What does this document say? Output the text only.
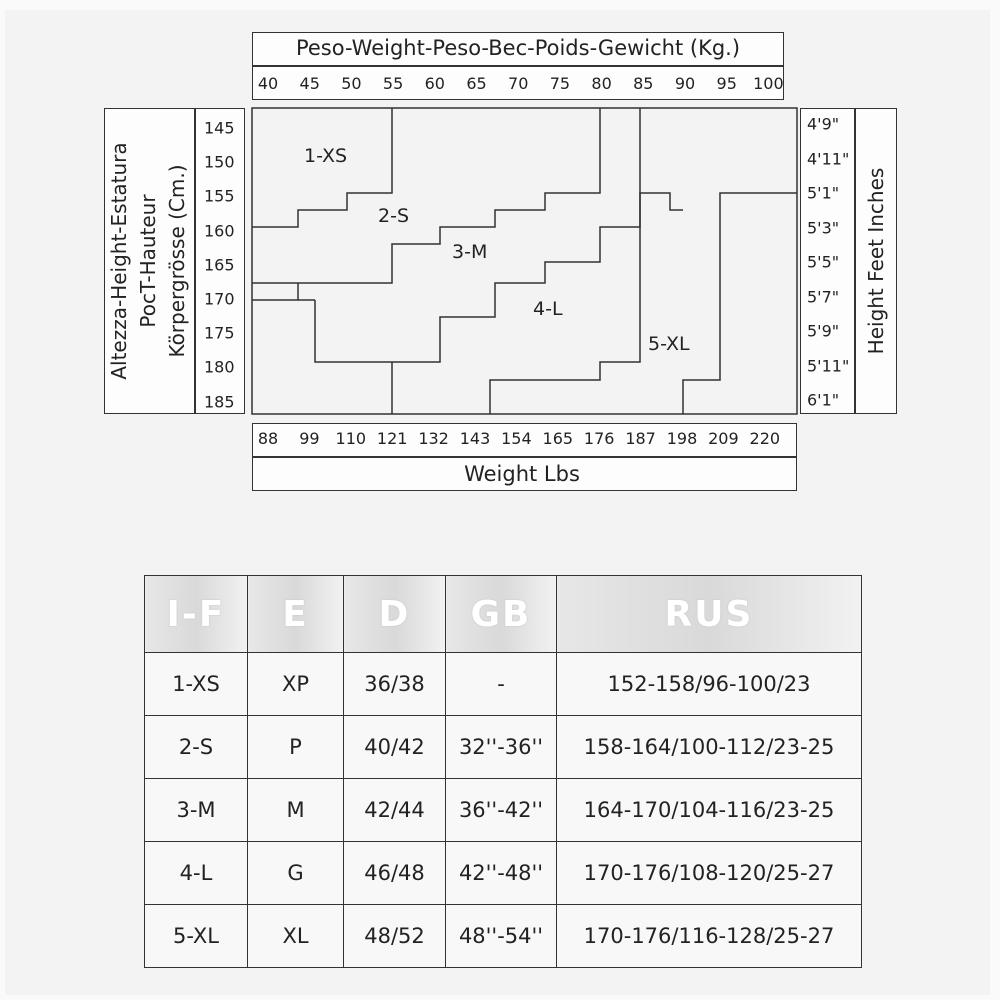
Peso-Weight-Peso-Bec-Poids-Gewicht (Kg.)
40 45 50 55 60 65 70 75 80 85 90 95 100
Altezza-Height-Estatura PocT-Hauteur Körpergrösse (Cm.)
145
150
155
160
165
170
175
180
185
4'9"
4'11"
5'1"
5'3"
5'5"
5'7"
5'9"
5'11"
6'1"
Height Feet Inches
1-XS
2-S
3-M
4-L
5-XL
88 99 110 121 132 143 154 165 176 187 198 209 220
Weight Lbs
I-F	E	D	GB	RUS
1-XS	XP	36/38	-	152-158/96-100/23
2-S	P	40/42	32''-36''	158-164/100-112/23-25
3-M	M	42/44	36''-42''	164-170/104-116/23-25
4-L	G	46/48	42''-48''	170-176/108-120/25-27
5-XL	XL	48/52	48''-54''	170-176/116-128/25-27
